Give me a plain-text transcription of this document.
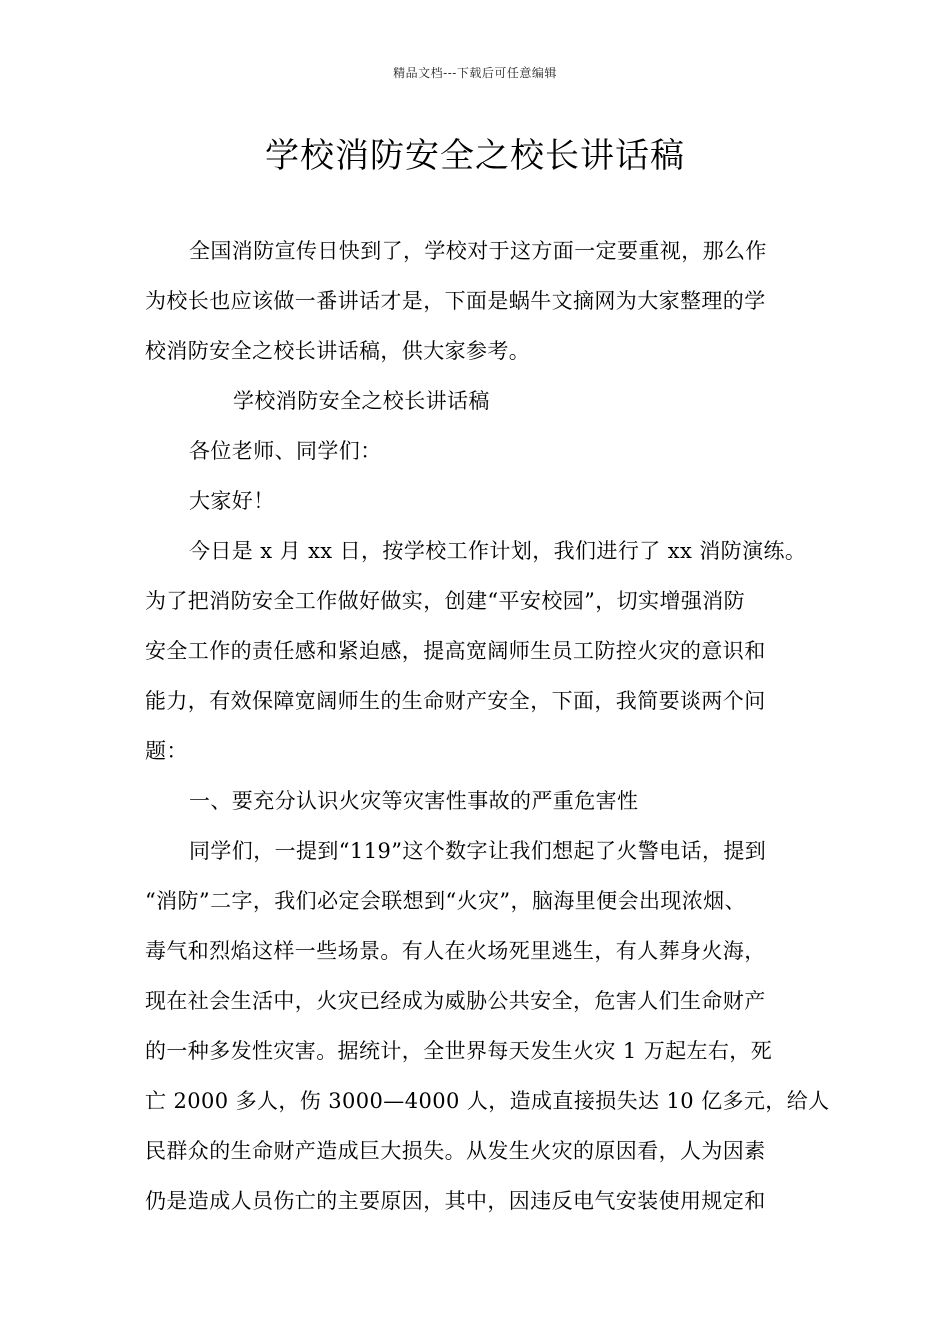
精品文档---下载后可任意编辑
学校消防安全之校长讲话稿
全国消防宣传日快到了，学校对于这方面一定要重视，那么作
为校长也应该做一番讲话才是，下面是蜗牛文摘网为大家整理的学
校消防安全之校长讲话稿，供大家参考。
学校消防安全之校长讲话稿
各位老师、同学们：
大家好！
今日是 x 月 xx 日，按学校工作计划，我们进行了 xx 消防演练。
为了把消防安全工作做好做实，创建“平安校园”，切实增强消防
安全工作的责任感和紧迫感，提高宽阔师生员工防控火灾的意识和
能力，有效保障宽阔师生的生命财产安全，下面，我简要谈两个问
题：
一、要充分认识火灾等灾害性事故的严重危害性
同学们，一提到“119”这个数字让我们想起了火警电话，提到
“消防”二字，我们必定会联想到“火灾”，脑海里便会出现浓烟、
毒气和烈焰这样一些场景。有人在火场死里逃生，有人葬身火海，
现在社会生活中，火灾已经成为威胁公共安全，危害人们生命财产
的一种多发性灾害。据统计，全世界每天发生火灾 1 万起左右，死
亡 2000 多人，伤 3000—4000 人，造成直接损失达 10 亿多元，给人
民群众的生命财产造成巨大损失。从发生火灾的原因看，人为因素
仍是造成人员伤亡的主要原因，其中，因违反电气安装使用规定和
